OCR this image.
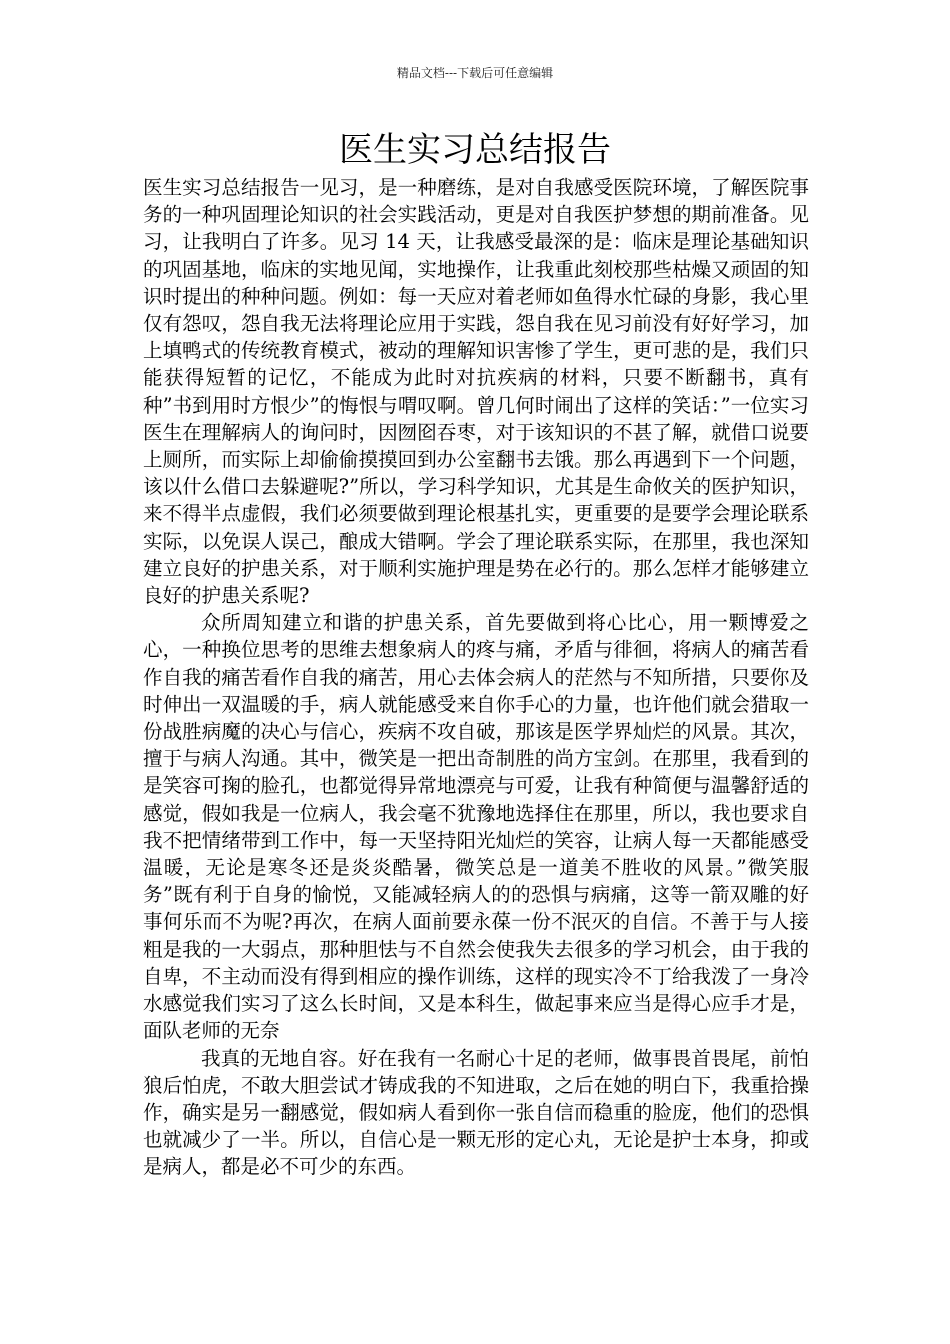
精品文档---下载后可任意编辑
医生实习总结报告

医生实习总结报告一见习，是一种磨练，是对自我感受医院环境，了解医院事务的一种巩固理论知识的社会实践活动，更是对自我医护梦想的期前准备。见习，让我明白了许多。见习 14 天，让我感受最深的是：临床是理论基础知识的巩固基地，临床的实地见闻，实地操作，让我重此刻校那些枯燥又顽固的知识时提出的种种问题。例如：每一天应对着老师如鱼得水忙碌的身影，我心里仅有怨叹，怨自我无法将理论应用于实践，怨自我在见习前没有好好学习，加上填鸭式的传统教育模式，被动的理解知识害惨了学生，更可悲的是，我们只能获得短暂的记忆，不能成为此时对抗疾病的材料，只要不断翻书，真有种”书到用时方恨少”的悔恨与喟叹啊。曾几何时闹出了这样的笑话：”一位实习医生在理解病人的询问时，因囫囵吞枣，对于该知识的不甚了解，就借口说要上厕所，而实际上却偷偷摸摸回到办公室翻书去饿。那么再遇到下一个问题，该以什么借口去躲避呢?”所以，学习科学知识，尤其是生命攸关的医护知识，来不得半点虚假，我们必须要做到理论根基扎实，更重要的是要学会理论联系实际，以免误人误己，酿成大错啊。学会了理论联系实际，在那里，我也深知建立良好的护患关系，对于顺利实施护理是势在必行的。那么怎样才能够建立良好的护患关系呢?

众所周知建立和谐的护患关系，首先要做到将心比心，用一颗博爱之心，一种换位思考的思维去想象病人的疼与痛，矛盾与徘徊，将病人的痛苦看作自我的痛苦看作自我的痛苦，用心去体会病人的茫然与不知所措，只要你及时伸出一双温暖的手，病人就能感受来自你手心的力量，也许他们就会猎取一份战胜病魔的决心与信心，疾病不攻自破，那该是医学界灿烂的风景。其次，擅于与病人沟通。其中，微笑是一把出奇制胜的尚方宝剑。在那里，我看到的是笑容可掬的脸孔，也都觉得异常地漂亮与可爱，让我有种简便与温馨舒适的感觉，假如我是一位病人，我会毫不犹豫地选择住在那里，所以，我也要求自我不把情绪带到工作中，每一天坚持阳光灿烂的笑容，让病人每一天都能感受温暖，无论是寒冬还是炎炎酷暑，微笑总是一道美不胜收的风景。”微笑服务”既有利于自身的愉悦，又能减轻病人的的恐惧与病痛，这等一箭双雕的好事何乐而不为呢?再次，在病人面前要永葆一份不泯灭的自信。不善于与人接粗是我的一大弱点，那种胆怯与不自然会使我失去很多的学习机会，由于我的自卑，不主动而没有得到相应的操作训练，这样的现实冷不丁给我泼了一身冷水感觉我们实习了这么长时间，又是本科生，做起事来应当是得心应手才是，面队老师的无奈

我真的无地自容。好在我有一名耐心十足的老师，做事畏首畏尾，前怕狼后怕虎，不敢大胆尝试才铸成我的不知进取，之后在她的明白下，我重拾操作，确实是另一翻感觉，假如病人看到你一张自信而稳重的脸庞，他们的恐惧也就减少了一半。所以，自信心是一颗无形的定心丸，无论是护士本身，抑或是病人，都是必不可少的东西。
